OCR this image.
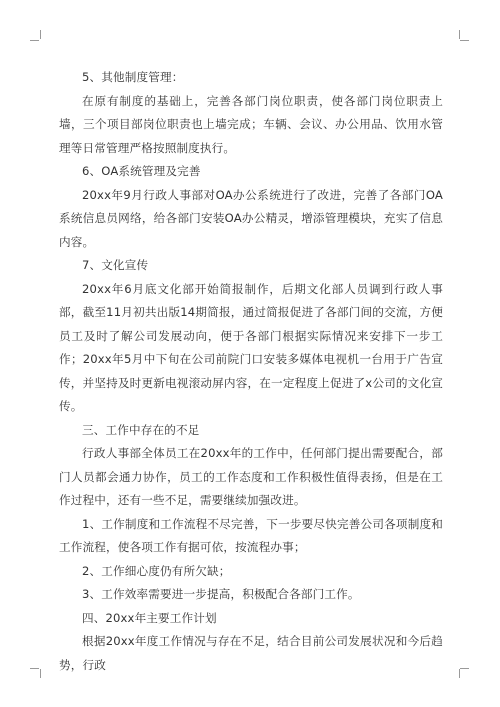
5、其他制度管理：

在原有制度的基础上，完善各部门岗位职责，使各部门岗位职责上墙，三个项目部岗位职责也上墙完成；车辆、会议、办公用品、饮用水管理等日常管理严格按照制度执行。

6、OA系统管理及完善

20xx年9月行政人事部对OA办公系统进行了改进，完善了各部门OA系统信息员网络，给各部门安装OA办公精灵，增添管理模块，充实了信息内容。

7、文化宣传

20xx年6月底文化部开始简报制作，后期文化部人员调到行政人事部，截至11月初共出版14期简报，通过简报促进了各部门间的交流，方便员工及时了解公司发展动向，便于各部门根据实际情况来安排下一步工作；20xx年5月中下旬在公司前院门口安装多媒体电视机一台用于广告宣传，并坚持及时更新电视滚动屏内容，在一定程度上促进了x公司的文化宣传。

三、工作中存在的不足

行政人事部全体员工在20xx年的工作中，任何部门提出需要配合，部门人员都会通力协作，员工的工作态度和工作积极性值得表扬，但是在工作过程中，还有一些不足，需要继续加强改进。

1、工作制度和工作流程不尽完善，下一步要尽快完善公司各项制度和工作流程，使各项工作有据可依，按流程办事；

2、工作细心度仍有所欠缺；

3、工作效率需要进一步提高，积极配合各部门工作。

四、20xx年主要工作计划

根据20xx年度工作情况与存在不足，结合目前公司发展状况和今后趋势，行政
